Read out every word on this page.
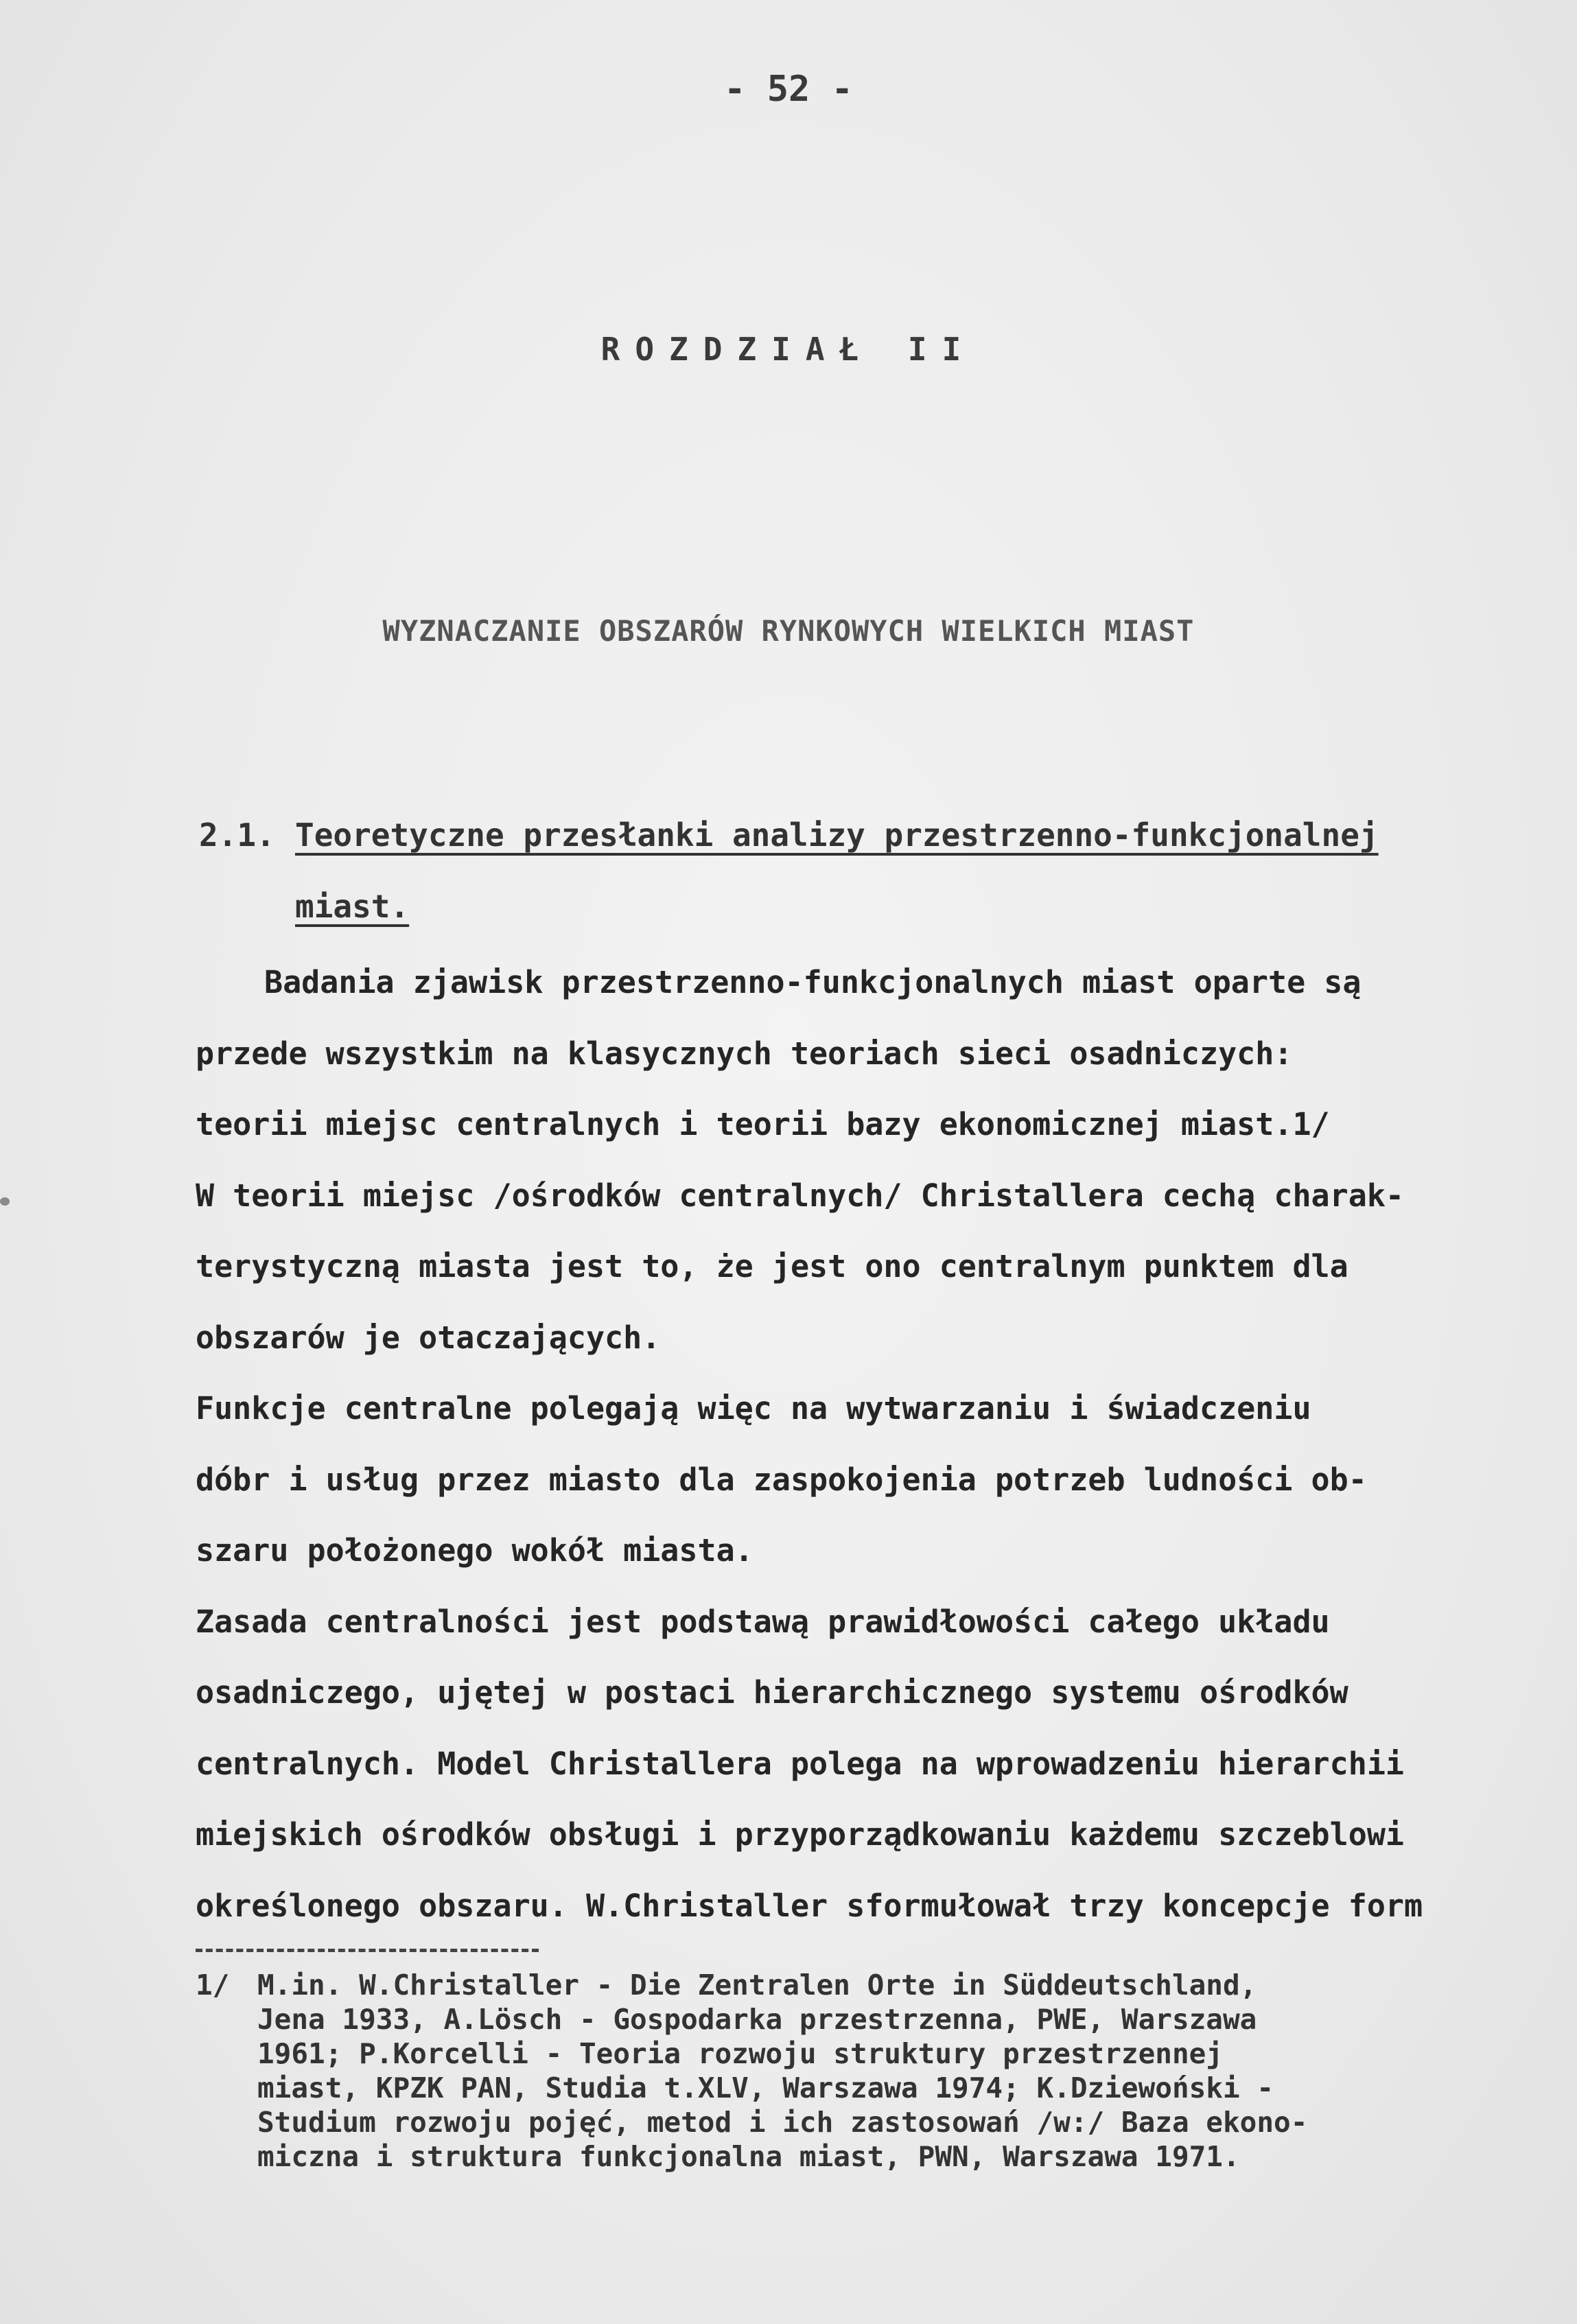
- 52 -
ROZDZIAŁ II
WYZNACZANIE OBSZARÓW RYNKOWYCH WIELKICH MIAST
2.1. Teoretyczne przesłanki analizy przestrzenno-funkcjonalnej
miast.
Badania zjawisk przestrzenno-funkcjonalnych miast oparte są
przede wszystkim na klasycznych teoriach sieci osadniczych:
teorii miejsc centralnych i teorii bazy ekonomicznej miast.1/
W teorii miejsc /ośrodków centralnych/ Christallera cechą charak-
terystyczną miasta jest to, że jest ono centralnym punktem dla
obszarów je otaczających.
Funkcje centralne polegają więc na wytwarzaniu i świadczeniu
dóbr i usług przez miasto dla zaspokojenia potrzeb ludności ob-
szaru położonego wokół miasta.
Zasada centralności jest podstawą prawidłowości całego układu
osadniczego, ujętej w postaci hierarchicznego systemu ośrodków
centralnych. Model Christallera polega na wprowadzeniu hierarchii
miejskich ośrodków obsługi i przyporządkowaniu każdemu szczeblowi
określonego obszaru. W.Christaller sformułował trzy koncepcje form
1/ M.in. W.Christaller - Die Zentralen Orte in Süddeutschland,
Jena 1933, A.Lösch - Gospodarka przestrzenna, PWE, Warszawa
1961; P.Korcelli - Teoria rozwoju struktury przestrzennej
miast, KPZK PAN, Studia t.XLV, Warszawa 1974; K.Dziewoński -
Studium rozwoju pojęć, metod i ich zastosowań /w:/ Baza ekono-
miczna i struktura funkcjonalna miast, PWN, Warszawa 1971.
